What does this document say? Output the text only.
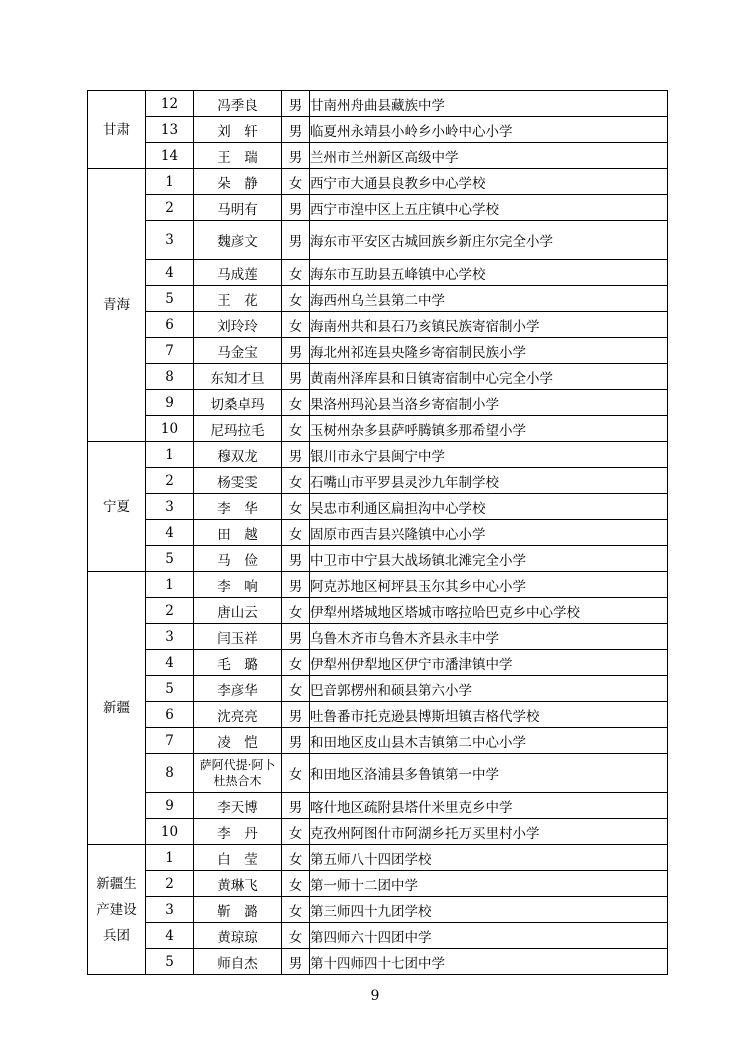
甘肃	12	冯季良	男	甘南州舟曲县藏族中学
	13	刘　轩	男	临夏州永靖县小岭乡小岭中心小学
	14	王　瑞	男	兰州市兰州新区高级中学
青海	1	朵　静	女	西宁市大通县良教乡中心学校
	2	马明有	男	西宁市湟中区上五庄镇中心学校
	3	魏彦文	男	海东市平安区古城回族乡新庄尔完全小学
	4	马成莲	女	海东市互助县五峰镇中心学校
	5	王　花	女	海西州乌兰县第二中学
	6	刘玲玲	女	海南州共和县石乃亥镇民族寄宿制小学
	7	马金宝	男	海北州祁连县央隆乡寄宿制民族小学
	8	东知才旦	男	黄南州泽库县和日镇寄宿制中心完全小学
	9	切桑卓玛	女	果洛州玛沁县当洛乡寄宿制小学
	10	尼玛拉毛	女	玉树州杂多县萨呼腾镇多那希望小学
宁夏	1	穆双龙	男	银川市永宁县闽宁中学
	2	杨雯雯	女	石嘴山市平罗县灵沙九年制学校
	3	李　华	女	吴忠市利通区扁担沟中心学校
	4	田　越	女	固原市西吉县兴隆镇中心小学
	5	马　俭	男	中卫市中宁县大战场镇北滩完全小学
新疆	1	李　响	男	阿克苏地区柯坪县玉尔其乡中心小学
	2	唐山云	女	伊犁州塔城地区塔城市喀拉哈巴克乡中心学校
	3	闫玉祥	男	乌鲁木齐市乌鲁木齐县永丰中学
	4	毛　璐	女	伊犁州伊犁地区伊宁市潘津镇中学
	5	李彦华	女	巴音郭楞州和硕县第六小学
	6	沈亮亮	男	吐鲁番市托克逊县博斯坦镇吉格代学校
	7	凌　恺	男	和田地区皮山县木吉镇第二中心小学
	8	萨阿代提·阿卜杜热合木	女	和田地区洛浦县多鲁镇第一中学
	9	李天博	男	喀什地区疏附县塔什米里克乡中学
	10	李　丹	女	克孜州阿图什市阿湖乡托万买里村小学
新疆生产建设兵团	1	白　莹	女	第五师八十四团学校
	2	黄琳飞	女	第一师十二团中学
	3	靳　潞	女	第三师四十九团学校
	4	黄琼琼	女	第四师六十四团中学
	5	师自杰	男	第十四师四十七团中学
9
